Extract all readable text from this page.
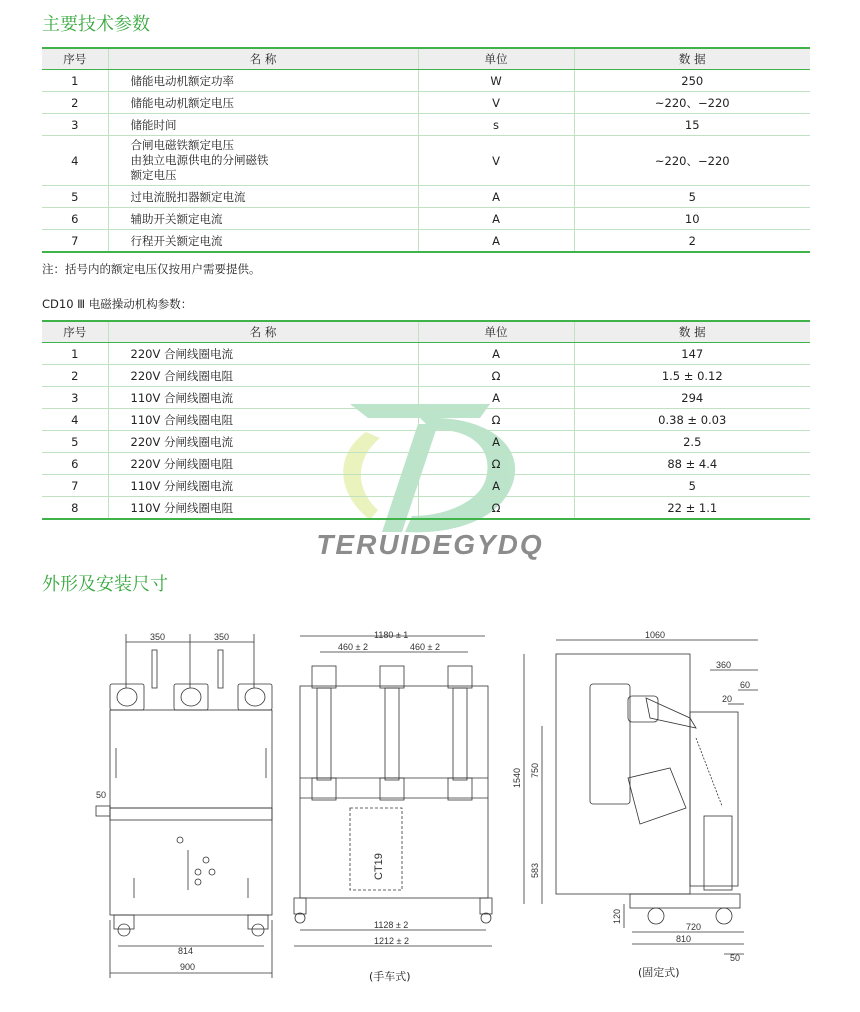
主要技术参数
序号	名 称	单位	数 据
1	储能电动机额定功率	W	250
2	储能电动机额定电压	V	~220、−220
3	储能时间	s	15
4	合闸电磁铁额定电压
由独立电源供电的分闸磁铁
额定电压	V	~220、−220
5	过电流脱扣器额定电流	A	5
6	辅助开关额定电流	A	10
7	行程开关额定电流	A	2

注：括号内的额定电压仅按用户需要提供。

CD10 Ⅲ 电磁操动机构参数：

TERUIDEGYDQ
序号	名 称	单位	数 据
1	220V 合闸线圈电流	A	147
2	220V 合闸线圈电阻	Ω	1.5 ± 0.12
3	110V 合闸线圈电流	A	294
4	110V 合闸线圈电阻	Ω	0.38 ± 0.03
5	220V 分闸线圈电流	A	2.5
6	220V 分闸线圈电阻	Ω	88 ± 4.4
7	110V 分闸线圈电流	A	5
8	110V 分闸线圈电阻	Ω	22 ± 1.1
外形及安装尺寸
350	350
50
814
900
1180 ± 1
460 ± 2	460 ± 2
CT19
1128 ± 2
1212 ± 2
(手车式)
1060
360
60
20
1540 750
583
120
720
810
50
(固定式)
